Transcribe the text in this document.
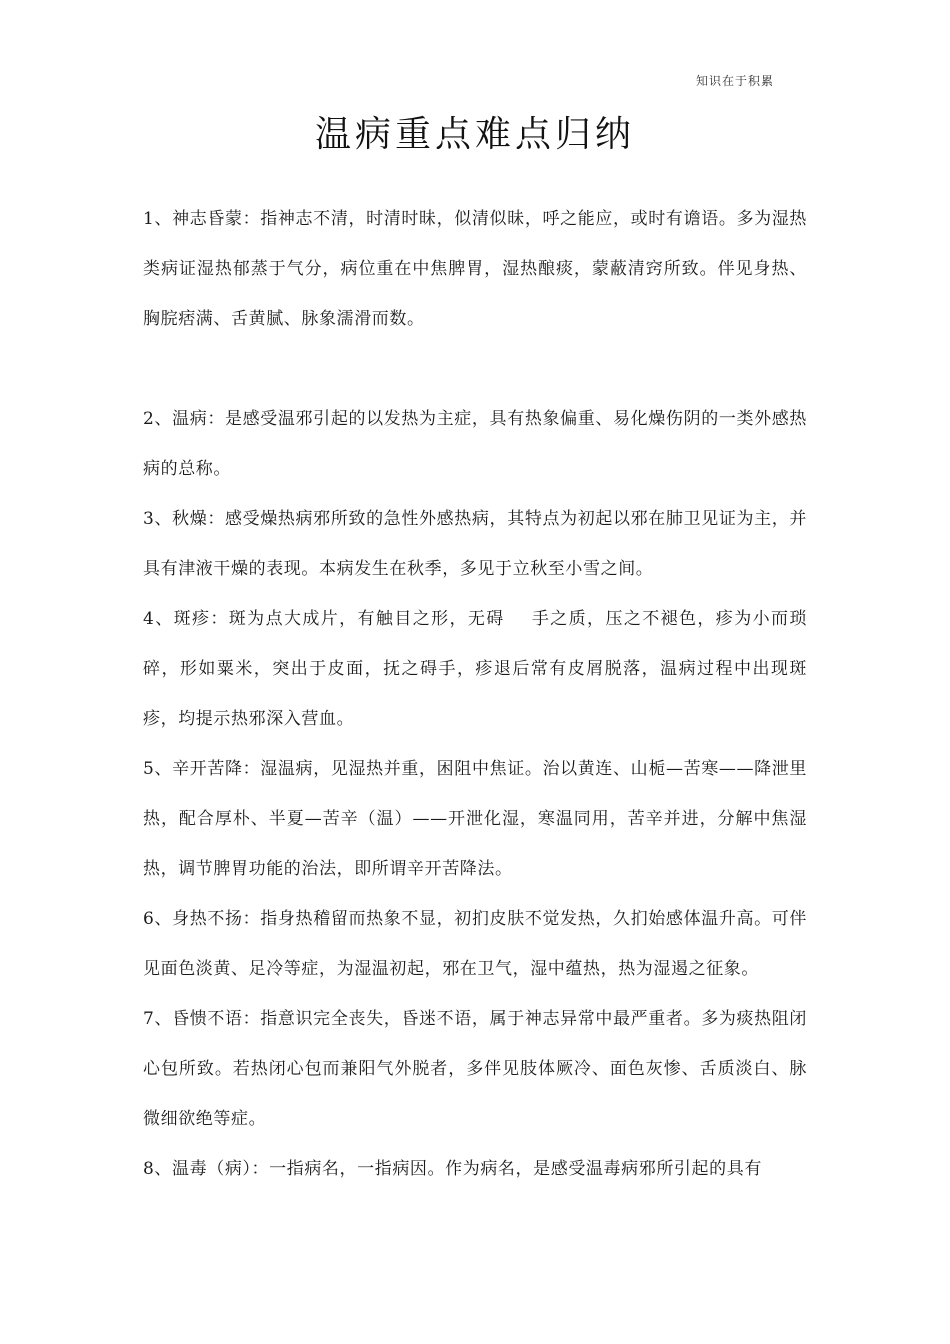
知识在于积累
温病重点难点归纳

1、神志昏蒙：指神志不清，时清时昧，似清似昧，呼之能应，或时有谵语。多为湿热类病证湿热郁蒸于气分，病位重在中焦脾胃，湿热酿痰，蒙蔽清窍所致。伴见身热、胸脘痞满、舌黄腻、脉象濡滑而数。

2、温病：是感受温邪引起的以发热为主症，具有热象偏重、易化燥伤阴的一类外感热病的总称。

3、秋燥：感受燥热病邪所致的急性外感热病，其特点为初起以邪在肺卫见证为主，并具有津液干燥的表现。本病发生在秋季，多见于立秋至小雪之间。

4、斑疹：斑为点大成片，有触目之形，无碍    手之质，压之不褪色，疹为小而琐碎，形如粟米，突出于皮面，抚之碍手，疹退后常有皮屑脱落，温病过程中出现斑疹，均提示热邪深入营血。

5、辛开苦降：湿温病，见湿热并重，困阻中焦证。治以黄连、山栀—苦寒——降泄里热，配合厚朴、半夏—苦辛（温）——开泄化湿，寒温同用，苦辛并进，分解中焦湿热，调节脾胃功能的治法，即所谓辛开苦降法。

6、身热不扬：指身热稽留而热象不显，初扪皮肤不觉发热，久扪始感体温升高。可伴见面色淡黄、足冷等症，为湿温初起，邪在卫气，湿中蕴热，热为湿遏之征象。

7、昏愦不语：指意识完全丧失，昏迷不语，属于神志异常中最严重者。多为痰热阻闭心包所致。若热闭心包而兼阳气外脱者，多伴见肢体厥冷、面色灰惨、舌质淡白、脉微细欲绝等症。

8、温毒（病）：一指病名，一指病因。作为病名，是感受温毒病邪所引起的具有
